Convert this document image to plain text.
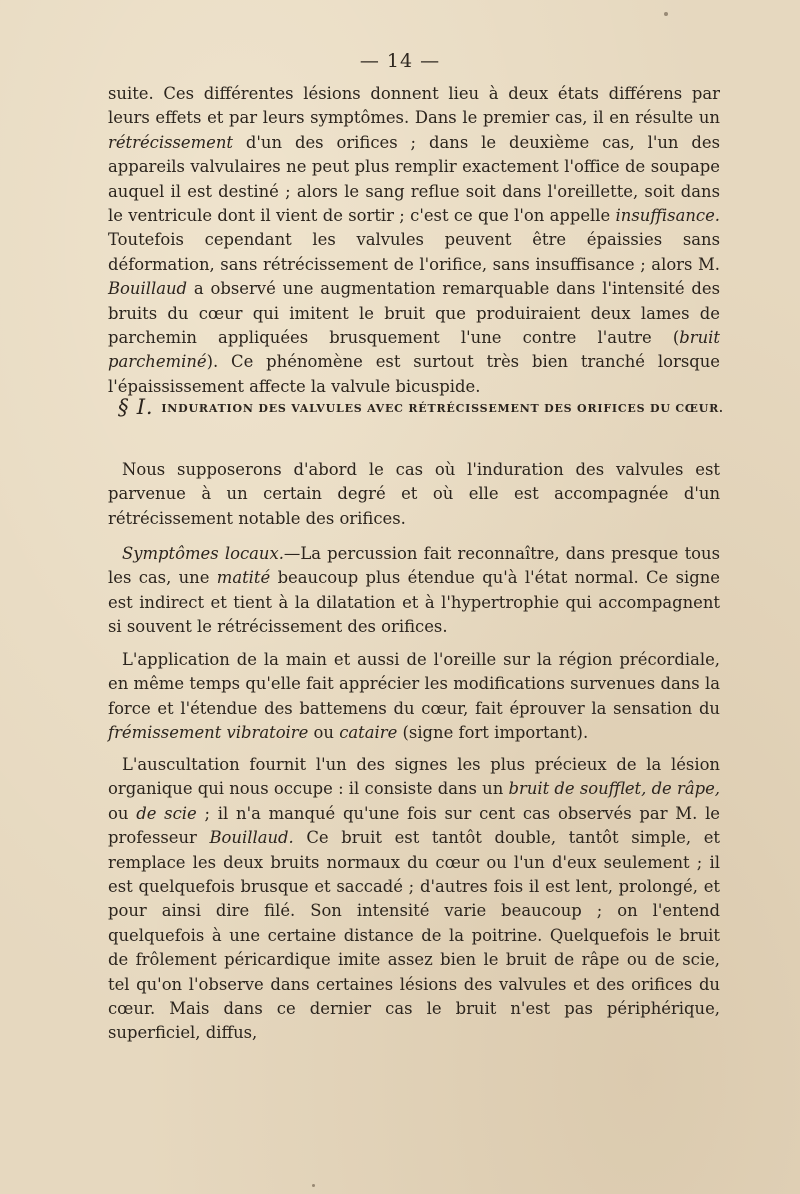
— 14 —

suite. Ces différentes lésions donnent lieu à deux états différens par leurs effets et par leurs symptômes. Dans le premier cas, il en résulte un rétrécissement d'un des orifices ; dans le deuxième cas, l'un des appareils valvulaires ne peut plus remplir exactement l'office de soupape auquel il est destiné ; alors le sang reflue soit dans l'oreillette, soit dans le ventricule dont il vient de sortir ; c'est ce que l'on appelle insuffisance. Toutefois cependant les valvules peuvent être épaissies sans déformation, sans rétrécissement de l'orifice, sans insuffisance ; alors M. Bouillaud a observé une augmentation remarquable dans l'intensité des bruits du cœur qui imitent le bruit que produiraient deux lames de parchemin appliquées brusquement l'une contre l'autre (bruit parcheminé). Ce phénomène est surtout très bien tranché lorsque l'épaississement affecte la valvule bicuspide.

§ I. INDURATION DES VALVULES AVEC RÉTRÉCISSEMENT DES ORIFICES DU CŒUR.

Nous supposerons d'abord le cas où l'induration des valvules est parvenue à un certain degré et où elle est accompagnée d'un rétrécissement notable des orifices.

Symptômes locaux.—La percussion fait reconnaître, dans presque tous les cas, une matité beaucoup plus étendue qu'à l'état normal. Ce signe est indirect et tient à la dilatation et à l'hypertrophie qui accompagnent si souvent le rétrécissement des orifices.

L'application de la main et aussi de l'oreille sur la région précordiale, en même temps qu'elle fait apprécier les modifications survenues dans la force et l'étendue des battemens du cœur, fait éprouver la sensation du frémissement vibratoire ou cataire (signe fort important).

L'auscultation fournit l'un des signes les plus précieux de la lésion organique qui nous occupe : il consiste dans un bruit de soufflet, de râpe, ou de scie ; il n'a manqué qu'une fois sur cent cas observés par M. le professeur Bouillaud. Ce bruit est tantôt double, tantôt simple, et remplace les deux bruits normaux du cœur ou l'un d'eux seulement ; il est quelquefois brusque et saccadé ; d'autres fois il est lent, prolongé, et pour ainsi dire filé. Son intensité varie beaucoup ; on l'entend quelquefois à une certaine distance de la poitrine. Quelquefois le bruit de frôlement péricardique imite assez bien le bruit de râpe ou de scie, tel qu'on l'observe dans certaines lésions des valvules et des orifices du cœur. Mais dans ce dernier cas le bruit n'est pas périphérique, superficiel, diffus,
